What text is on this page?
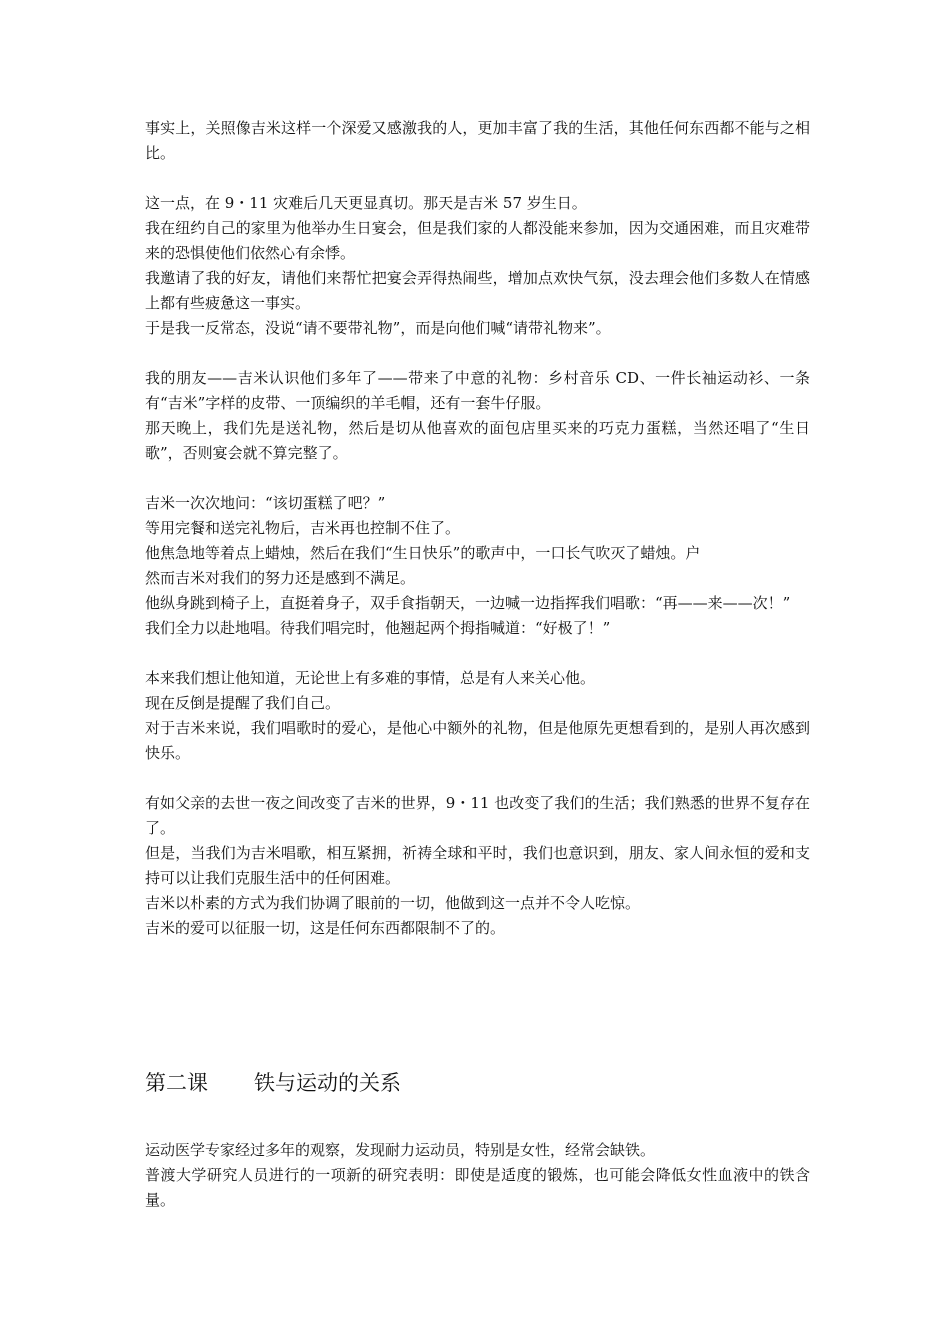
事实上，关照像吉米这样一个深爱又感激我的人，更加丰富了我的生活，其他任何东西都不能与之相比。

这一点，在 9・11 灾难后几天更显真切。那天是吉米 57 岁生日。

我在纽约自己的家里为他举办生日宴会，但是我们家的人都没能来参加，因为交通困难，而且灾难带来的恐惧使他们依然心有余悸。

我邀请了我的好友，请他们来帮忙把宴会弄得热闹些，增加点欢快气氛，没去理会他们多数人在情感上都有些疲惫这一事实。

于是我一反常态，没说“请不要带礼物”，而是向他们喊“请带礼物来”。

我的朋友——吉米认识他们多年了——带来了中意的礼物：乡村音乐 CD、一件长袖运动衫、一条有“吉米”字样的皮带、一顶编织的羊毛帽，还有一套牛仔服。

那天晚上，我们先是送礼物，然后是切从他喜欢的面包店里买来的巧克力蛋糕，当然还唱了“生日歌”，否则宴会就不算完整了。

吉米一次次地问：“该切蛋糕了吧？”

等用完餐和送完礼物后，吉米再也控制不住了。

他焦急地等着点上蜡烛，然后在我们“生日快乐”的歌声中，一口长气吹灭了蜡烛。户

然而吉米对我们的努力还是感到不满足。

他纵身跳到椅子上，直挺着身子，双手食指朝天，一边喊一边指挥我们唱歌：“再——来——次！”

我们全力以赴地唱。待我们唱完时，他翘起两个拇指喊道：“好极了！”

本来我们想让他知道，无论世上有多难的事情，总是有人来关心他。

现在反倒是提醒了我们自己。

对于吉米来说，我们唱歌时的爱心，是他心中额外的礼物，但是他原先更想看到的，是别人再次感到快乐。

有如父亲的去世一夜之间改变了吉米的世界，9・11 也改变了我们的生活；我们熟悉的世界不复存在了。

但是，当我们为吉米唱歌，相互紧拥，祈祷全球和平时，我们也意识到，朋友、家人间永恒的爱和支持可以让我们克服生活中的任何困难。

吉米以朴素的方式为我们协调了眼前的一切，他做到这一点并不令人吃惊。

吉米的爱可以征服一切，这是任何东西都限制不了的。

第二课 铁与运动的关系

运动医学专家经过多年的观察，发现耐力运动员，特别是女性，经常会缺铁。

普渡大学研究人员进行的一项新的研究表明：即使是适度的锻炼，也可能会降低女性血液中的铁含量。
